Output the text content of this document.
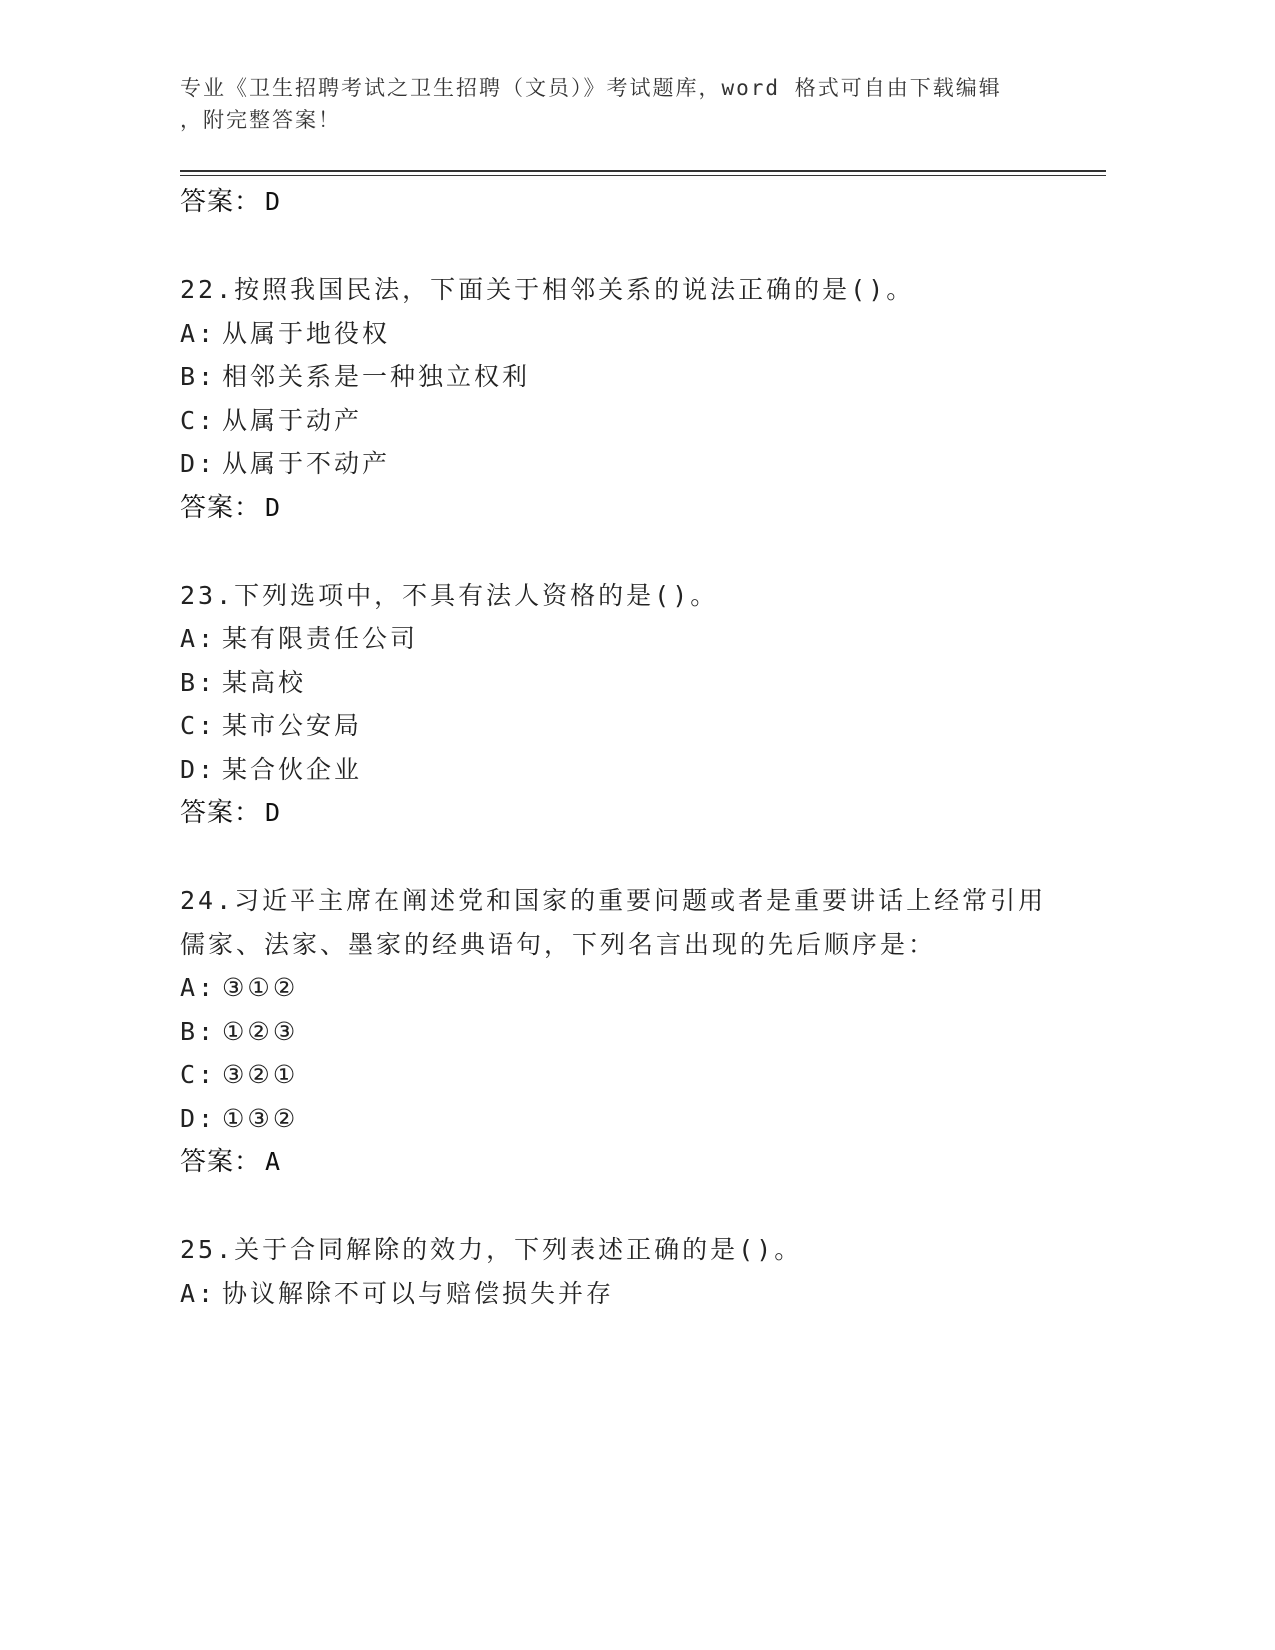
专业《卫生招聘考试之卫生招聘（文员）》考试题库，word 格式可自由下载编辑
，附完整答案！
答案： D
22.按照我国民法，下面关于相邻关系的说法正确的是()。
A: 从属于地役权
B: 相邻关系是一种独立权利
C: 从属于动产
D: 从属于不动产
答案： D
23.下列选项中，不具有法人资格的是()。
A: 某有限责任公司
B: 某高校
C: 某市公安局
D: 某合伙企业
答案： D
24.习近平主席在阐述党和国家的重要问题或者是重要讲话上经常引用
儒家、法家、墨家的经典语句，下列名言出现的先后顺序是：
A: ③①②
B: ①②③
C: ③②①
D: ①③②
答案： A
25.关于合同解除的效力，下列表述正确的是()。
A: 协议解除不可以与赔偿损失并存
